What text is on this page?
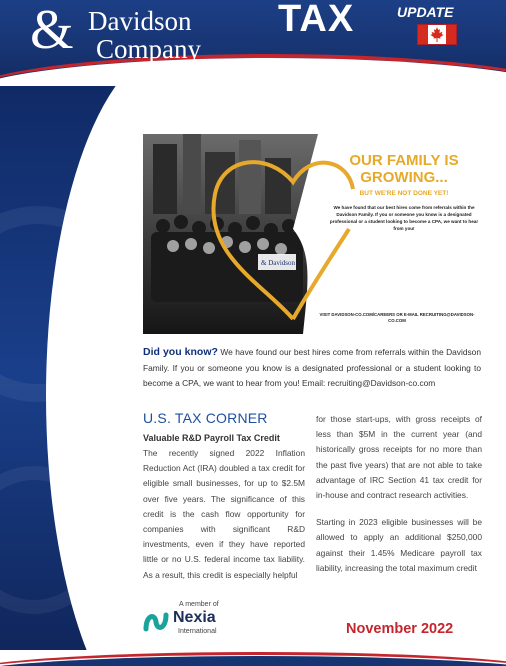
& Davidson
Company
CHARTERED PROFESSIONAL ACCOUNTANTS
TAX	UPDATE
& Davidson
OUR FAMILY IS GROWING...
BUT WE'RE NOT DONE YET!
We have found that our best hires come from referrals within the Davidson Family. If you or someone you know is a designated professional or a student looking to become a CPA, we want to hear from you!
VISIT DAVIDSON-CO.COM/CAREERS OR E-MAIL RECRUITING@DAVIDSON-CO.COM
Did you know? We have found our best hires come from referrals within the Davidson Family. If you or someone you know is a designated professional or a student looking to become a CPA, we want to hear from you! Email: recruiting@Davidson-co.com
U.S. TAX CORNER
Valuable R&D Payroll Tax Credit

The recently signed 2022 Inflation Reduction Act (IRA) doubled a tax credit for eligible small businesses, for up to $2.5M over five years. The significance of this credit is the cash flow opportunity for companies with significant R&D investments, even if they have reported little or no U.S. federal income tax liability. As a result, this credit is especially helpful

for those start-ups, with gross receipts of less than $5M in the current year (and historically gross receipts for no more than the past five years) that are not able to take advantage of IRC Section 41 tax credit for in-house and contract research activities.

Starting in 2023 eligible businesses will be allowed to apply an additional $250,000 against their 1.45% Medicare payroll tax liability, increasing the total maximum credit

A member of
Nexia
International	November 2022
